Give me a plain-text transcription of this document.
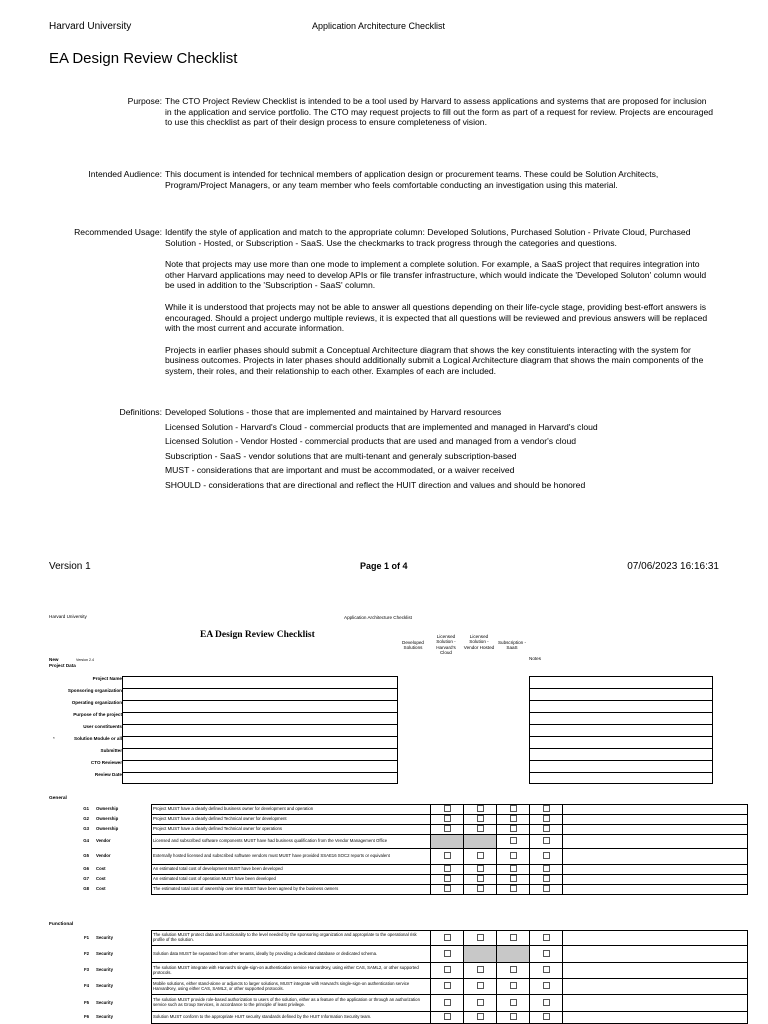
Harvard University	Application Architecture Checklist
EA Design Review Checklist
Purpose: The CTO Project Review Checklist is intended to be a tool used by Harvard to assess applications and systems that are proposed for inclusion in the application and service portfolio. The CTO may request projects to fill out the form as part of a request for review. Projects are encouraged to use this checklist as part of their design process to ensure completeness of vision.

Intended Audience: This document is intended for technical members of application design or procurement teams. These could be Solution Architects, Program/Project Managers, or any team member who feels comfortable conducting an investigation using this material.

Recommended Usage: Identify the style of application and match to the appropriate column: Developed Solutions, Purchased Solution - Private Cloud, Purchased Solution - Hosted, or Subscription - SaaS. Use the checkmarks to track progress through the categories and questions.

Note that projects may use more than one mode to implement a complete solution. For example, a SaaS project that requires integration into other Harvard applications may need to develop APIs or file transfer infrastructure, which would indicate the 'Developed Soluton' column would be used in addition to the 'Subscription - SaaS' column.

While it is understood that projects may not be able to answer all questions depending on their life-cycle stage, providing best-effort answers is encouraged. Should a project undergo multiple reviews, it is expected that all questions will be reviewed and previous answers will be replaced with the most current and accurate information.

Projects in earlier phases should submit a Conceptual Architecture diagram that shows the key constituients interacting with the system for business outcomes. Projects in later phases should additionally submit a Logical Architecture diagram that shows the main components of the system, their roles, and their relationship to each other. Examples of each are included.

Definitions: Developed Solutions - those that are implemented and maintained by Harvard resources
Licensed Solution - Harvard's Cloud - commercial products that are implemented and managed in Harvard's cloud
Licensed Solution - Vendor Hosted - commercial products that are used and managed from a vendor's cloud
Subscription - SaaS - vendor solutions that are multi-tenant and generaly subscription-based
MUST - considerations that are important and must be accommodated, or a waiver received
SHOULD - considerations that are directional and reflect the HUIT direction and values and should be honored
Version 1	Page 1 of 4	07/06/2023 16:16:31
Harvard University	Application Architecture Checklist
EA Design Review Checklist
New	Version 2.4
Project Data
Developed Solutions
Licensed Solution - Harvard's Cloud
Licensed Solution - Vendor Hosted
Subscription - SaaS
Notes
Project Name
Sponsoring organization
Operating organization
Purpose of the project
User constituents
Solution Module or all
Submitter
CTO Reviewer
Review Date
*
General
G1	Ownership	Project MUST have a clearly defined business owner for development and operation					
G2	Ownership	Project MUST have a clearly defined Technical owner for development					
G3	Ownership	Project MUST have a clearly defined Technical owner for operations					
G4	Vendor	Licensed and subscribed software components MUST have had business qualification from the Vendor Management Office					
G5	Vendor	Externally hosted licensed and subscribed software vendors must MUST have provided SSAE16 SOC2 reports or equivalent					
G6	Cost	An estimated total cost of development MUST have been developed					
G7	Cost	An estimated total cost of operation MUST have been developed					
G8	Cost	The estimated total cost of ownership over time MUST have been agreed by the business owners					
Functional
F1	Security	The solution MUST protect data and functionality to the level needed by the sponsoring organization and appropriate to the operational risk profile of the solution.					
F2	Security	Solution data MUST be separated from other tenants, ideally by providing a dedicated database or dedicated schema.					
F3	Security	The solution MUST integrate with Harvard's single-sign-on authentication service HarvardKey, using either CAS, SAML2, or other supported protocols.					
F4	Security	Mobile solutions, either stand-alone or adjuncts to larger solutions, MUST integrate with Harvard's single-sign-on authentication service HarvardKey, using either CAS, SAML2, or other supported protocols.					
F5	Security	The solution MUST provide role-based authorization to users of the solution, either as a feature of the application or through an authorization service such as Group Services, in accordance to the principle of least privilege.					
F6	Security	Solution MUST conform to the appropriate HUIT security standards defined by the HUIT Information Security team.					
